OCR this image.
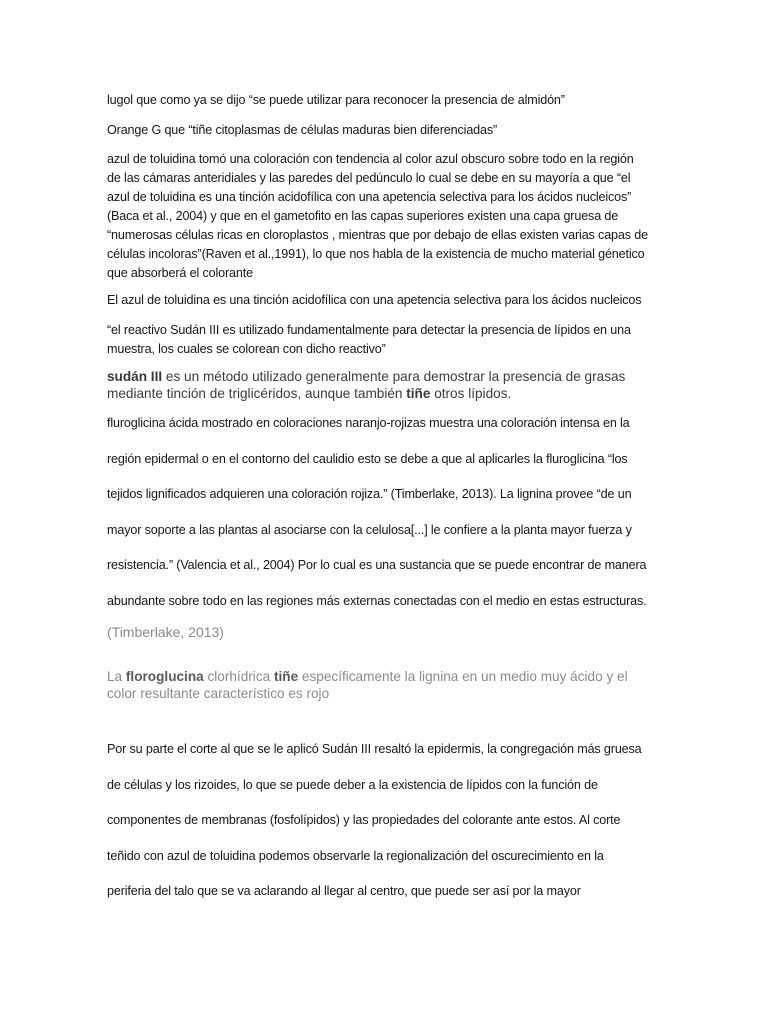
lugol que como ya se dijo “se puede utilizar para reconocer la presencia de almidón”
Orange G que “tiñe citoplasmas de células maduras bien diferenciadas”
azul de toluidina tomó una coloración con tendencia al color azul obscuro sobre todo en la región
de las cámaras anteridiales y las paredes del pedúnculo lo cual se debe en su mayoría a que “el
azul de toluidina es una tinción acidofílica con una apetencia selectiva para los ácidos nucleicos”
(Baca et al., 2004) y que en el gametofito en las capas superiores existen una capa gruesa de
“numerosas células ricas en cloroplastos , mientras que por debajo de ellas existen varias capas de
células incoloras”(Raven et al.,1991), lo que nos habla de la existencia de mucho material génetico
que absorberá el colorante
El azul de toluidina es una tinción acidofílica con una apetencia selectiva para los ácidos nucleicos
“el reactivo Sudán III es utilizado fundamentalmente para detectar la presencia de lípidos en una
muestra, los cuales se colorean con dicho reactivo”
sudán III es un método utilizado generalmente para demostrar la presencia de grasas
mediante tinción de triglicéridos, aunque también tiñe otros lípidos.
fluroglicina ácida mostrado en coloraciones naranjo-rojizas muestra una coloración intensa en la
región epidermal o en el contorno del caulidio esto se debe a que al aplicarles la fluroglicina “los
tejidos lignificados adquieren una coloración rojiza.” (Timberlake, 2013). La lignina provee “de un
mayor soporte a las plantas al asociarse con la celulosa[...] le confiere a la planta mayor fuerza y
resistencia.” (Valencia et al., 2004) Por lo cual es una sustancia que se puede encontrar de manera
abundante sobre todo en las regiones más externas conectadas con el medio en estas estructuras.
(Timberlake, 2013)
La floroglucina clorhídrica tiñe específicamente la lignina en un medio muy ácido y el
color resultante característico es rojo
Por su parte el corte al que se le aplicó Sudán III resaltó la epidermis, la congregación más gruesa
de células y los rizoides, lo que se puede deber a la existencia de lípidos con la función de
componentes de membranas (fosfolípidos) y las propiedades del colorante ante estos. Al corte
teñido con azul de toluidina podemos observarle la regionalización del oscurecimiento en la
periferia del talo que se va aclarando al llegar al centro, que puede ser así por la mayor
